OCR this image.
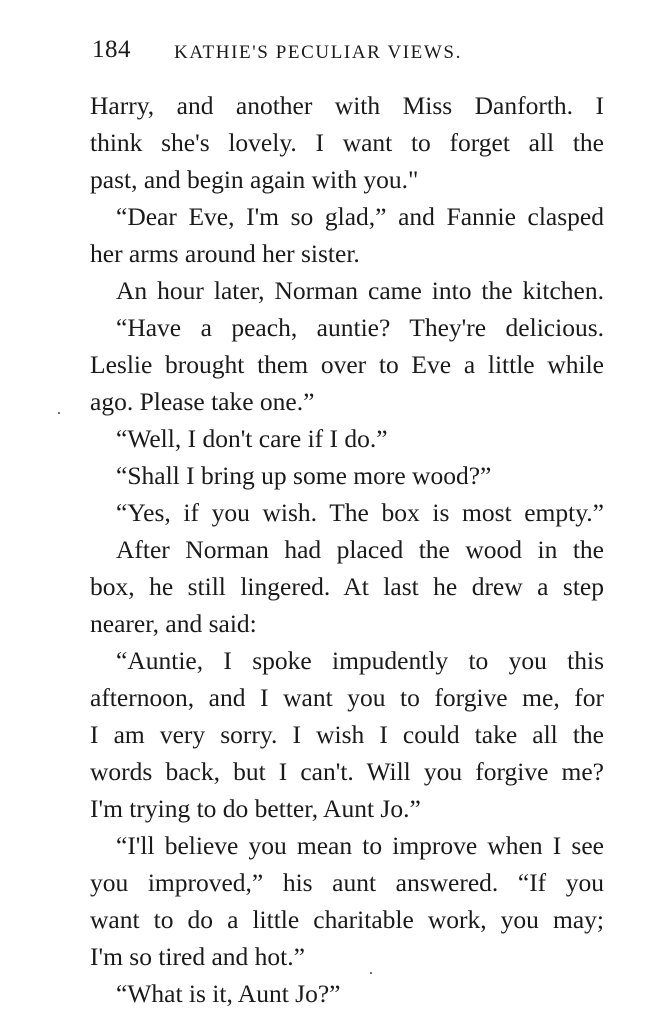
184 KATHIE'S PECULIAR VIEWS.
Harry, and another with Miss Danforth. I
think she's lovely. I want to forget all the
past, and begin again with you."
“Dear Eve, I'm so glad,” and Fannie clasped
her arms around her sister.
An hour later, Norman came into the kitchen.
“Have a peach, auntie? They're delicious.
Leslie brought them over to Eve a little while
ago. Please take one.”
“Well, I don't care if I do.”
“Shall I bring up some more wood?”
“Yes, if you wish. The box is most empty.”
After Norman had placed the wood in the
box, he still lingered. At last he drew a step
nearer, and said:
“Auntie, I spoke impudently to you this
afternoon, and I want you to forgive me, for
I am very sorry. I wish I could take all the
words back, but I can't. Will you forgive me?
I'm trying to do better, Aunt Jo.”
“I'll believe you mean to improve when I see
you improved,” his aunt answered. “If you
want to do a little charitable work, you may;
I'm so tired and hot.”
“What is it, Aunt Jo?”
